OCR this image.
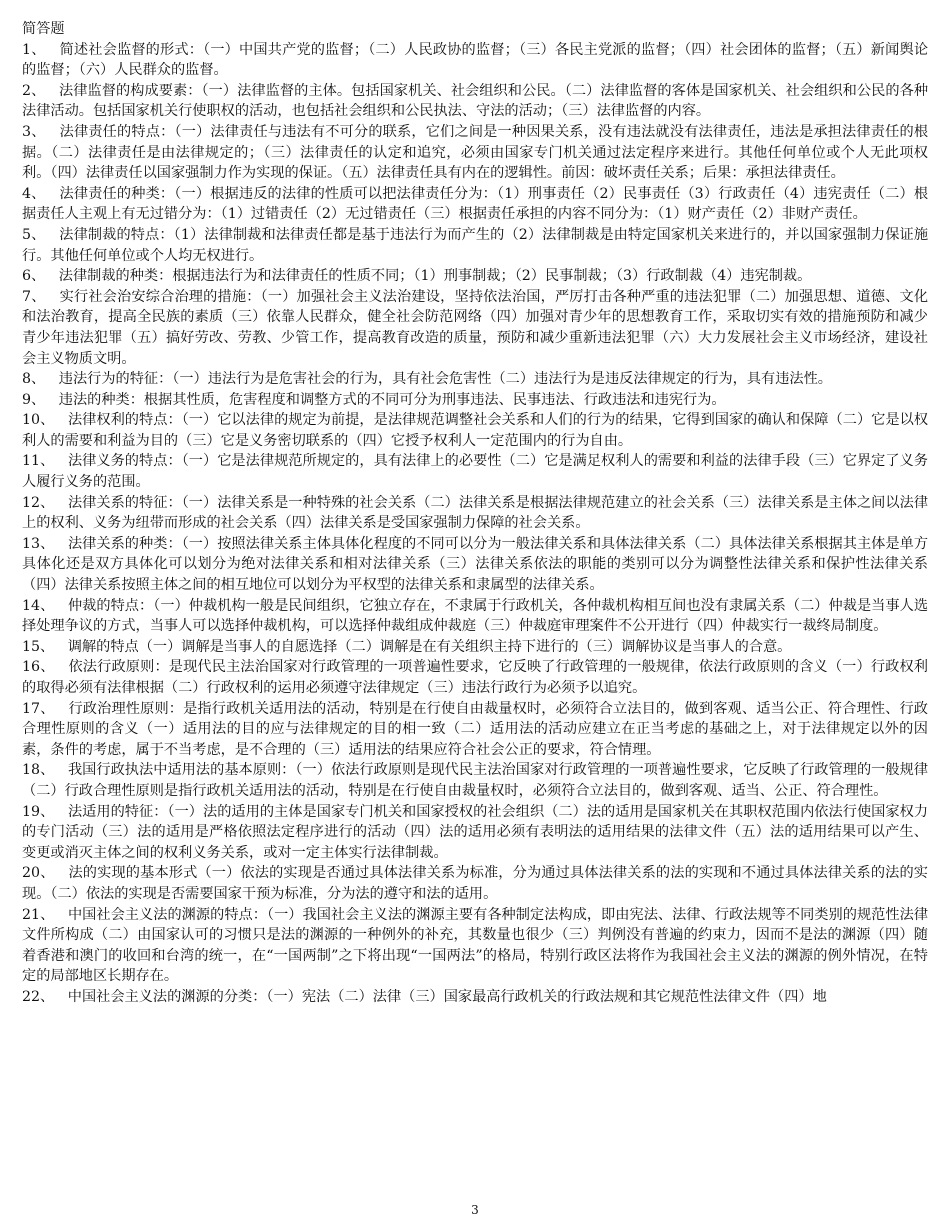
简答题
1、 简述社会监督的形式：（一）中国共产党的监督；（二）人民政协的监督；（三）各民主党派的监督；（四）社会团体的监督；（五）新闻舆论的监督；（六）人民群众的监督。
2、 法律监督的构成要素：（一）法律监督的主体。包括国家机关、社会组织和公民。（二）法律监督的客体是国家机关、社会组织和公民的各种法律活动。包括国家机关行使职权的活动，也包括社会组织和公民执法、守法的活动；（三）法律监督的内容。
3、 法律责任的特点：（一）法律责任与违法有不可分的联系，它们之间是一种因果关系，没有违法就没有法律责任，违法是承担法律责任的根据。（二）法律责任是由法律规定的；（三）法律责任的认定和追究，必须由国家专门机关通过法定程序来进行。其他任何单位或个人无此项权利。（四）法律责任以国家强制力作为实现的保证。（五）法律责任具有内在的逻辑性。前因：破坏责任关系；后果：承担法律责任。
4、 法律责任的种类：（一）根据违反的法律的性质可以把法律责任分为：（1）刑事责任（2）民事责任（3）行政责任（4）违宪责任（二）根据责任人主观上有无过错分为：（1）过错责任（2）无过错责任（三）根据责任承担的内容不同分为：（1）财产责任（2）非财产责任。
5、 法律制裁的特点：（1）法律制裁和法律责任都是基于违法行为而产生的（2）法律制裁是由特定国家机关来进行的，并以国家强制力保证施行。其他任何单位或个人均无权进行。
6、 法律制裁的种类：根据违法行为和法律责任的性质不同；（1）刑事制裁；（2）民事制裁；（3）行政制裁（4）违宪制裁。
7、 实行社会治安综合治理的措施：（一）加强社会主义法治建设，坚持依法治国，严厉打击各种严重的违法犯罪（二）加强思想、道德、文化和法治教育，提高全民族的素质（三）依靠人民群众，健全社会防范网络（四）加强对青少年的思想教育工作，采取切实有效的措施预防和减少青少年违法犯罪（五）搞好劳改、劳教、少管工作，提高教育改造的质量，预防和减少重新违法犯罪（六）大力发展社会主义市场经济，建设社会主义物质文明。
8、 违法行为的特征：（一）违法行为是危害社会的行为，具有社会危害性（二）违法行为是违反法律规定的行为，具有违法性。
9、 违法的种类：根据其性质，危害程度和调整方式的不同可分为刑事违法、民事违法、行政违法和违宪行为。
10、 法律权利的特点：（一）它以法律的规定为前提，是法律规范调整社会关系和人们的行为的结果，它得到国家的确认和保障（二）它是以权利人的需要和利益为目的（三）它是义务密切联系的（四）它授予权利人一定范围内的行为自由。
11、 法律义务的特点：（一）它是法律规范所规定的，具有法律上的必要性（二）它是满足权利人的需要和利益的法律手段（三）它界定了义务人履行义务的范围。
12、 法律关系的特征：（一）法律关系是一种特殊的社会关系（二）法律关系是根据法律规范建立的社会关系（三）法律关系是主体之间以法律上的权利、义务为纽带而形成的社会关系（四）法律关系是受国家强制力保障的社会关系。
13、 法律关系的种类：（一）按照法律关系主体具体化程度的不同可以分为一般法律关系和具体法律关系（二）具体法律关系根据其主体是单方具体化还是双方具体化可以划分为绝对法律关系和相对法律关系（三）法律关系依法的职能的类别可以分为调整性法律关系和保护性法律关系（四）法律关系按照主体之间的相互地位可以划分为平权型的法律关系和隶属型的法律关系。
14、 仲裁的特点：（一）仲裁机构一般是民间组织，它独立存在，不隶属于行政机关，各仲裁机构相互间也没有隶属关系（二）仲裁是当事人选择处理争议的方式，当事人可以选择仲裁机构，可以选择仲裁组成仲裁庭（三）仲裁庭审理案件不公开进行（四）仲裁实行一裁终局制度。
15、 调解的特点（一）调解是当事人的自愿选择（二）调解是在有关组织主持下进行的（三）调解协议是当事人的合意。
16、 依法行政原则：是现代民主法治国家对行政管理的一项普遍性要求，它反映了行政管理的一般规律，依法行政原则的含义（一）行政权利的取得必须有法律根据（二）行政权利的运用必须遵守法律规定（三）违法行政行为必须予以追究。
17、 行政治理性原则：是指行政机关适用法的活动，特别是在行使自由裁量权时，必须符合立法目的，做到客观、适当公正、符合理性、行政合理性原则的含义（一）适用法的目的应与法律规定的目的相一致（二）适用法的活动应建立在正当考虑的基础之上，对于法律规定以外的因素，条件的考虑，属于不当考虑，是不合理的（三）适用法的结果应符合社会公正的要求，符合情理。
18、 我国行政执法中适用法的基本原则：（一）依法行政原则是现代民主法治国家对行政管理的一项普遍性要求，它反映了行政管理的一般规律（二）行政合理性原则是指行政机关适用法的活动，特别是在行使自由裁量权时，必须符合立法目的，做到客观、适当、公正、符合理性。
19、 法适用的特征：（一）法的适用的主体是国家专门机关和国家授权的社会组织（二）法的适用是国家机关在其职权范围内依法行使国家权力的专门活动（三）法的适用是严格依照法定程序进行的活动（四）法的适用必须有表明法的适用结果的法律文件（五）法的适用结果可以产生、变更或消灭主体之间的权利义务关系，或对一定主体实行法律制裁。
20、 法的实现的基本形式（一）依法的实现是否通过具体法律关系为标准，分为通过具体法律关系的法的实现和不通过具体法律关系的法的实现。（二）依法的实现是否需要国家干预为标准，分为法的遵守和法的适用。
21、 中国社会主义法的渊源的特点：（一）我国社会主义法的渊源主要有各种制定法构成，即由宪法、法律、行政法规等不同类别的规范性法律文件所构成（二）由国家认可的习惯只是法的渊源的一种例外的补充，其数量也很少（三）判例没有普遍的约束力，因而不是法的渊源（四）随着香港和澳门的收回和台湾的统一，在“一国两制”之下将出现“一国两法”的格局，特别行政区法将作为我国社会主义法的渊源的例外情况，在特定的局部地区长期存在。
22、 中国社会主义法的渊源的分类：（一）宪法（二）法律（三）国家最高行政机关的行政法规和其它规范性法律文件（四）地
3
